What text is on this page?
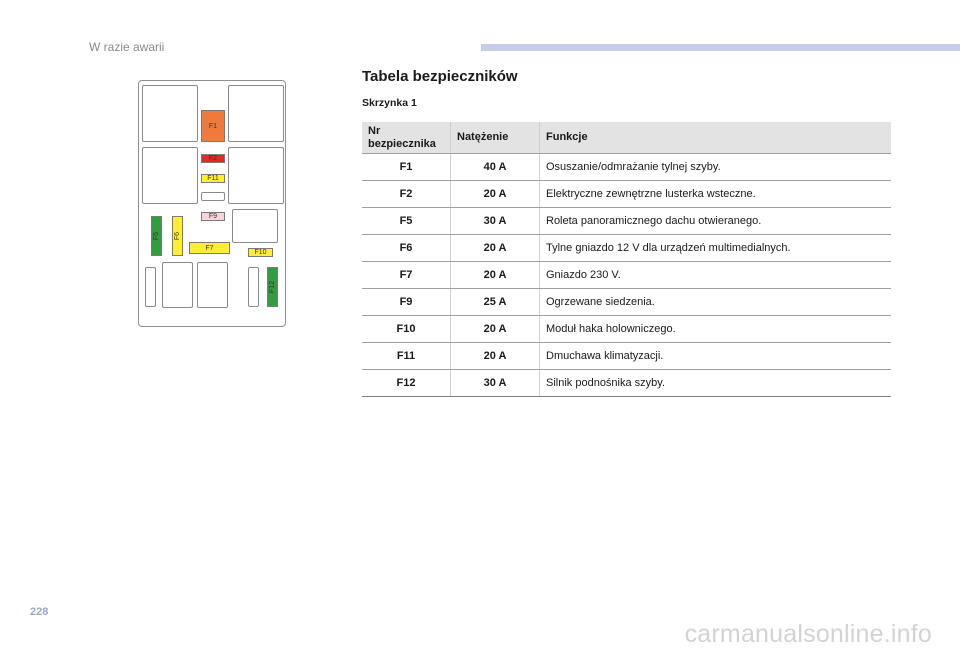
W razie awarii
F1
F2
F11
F9
F5 F6
F7
F10
F12
Tabela bezpieczników
Skrzynka 1
Nr bezpiecznika	Natężenie	Funkcje
F1	40 A	Osuszanie/odmrażanie tylnej szyby.
F2	20 A	Elektryczne zewnętrzne lusterka wsteczne.
F5	30 A	Roleta panoramicznego dachu otwieranego.
F6	20 A	Tylne gniazdo 12 V dla urządzeń multimedialnych.
F7	20 A	Gniazdo 230 V.
F9	25 A	Ogrzewane siedzenia.
F10	20 A	Moduł haka holowniczego.
F11	20 A	Dmuchawa klimatyzacji.
F12	30 A	Silnik podnośnika szyby.
228
carmanualsonline.info
